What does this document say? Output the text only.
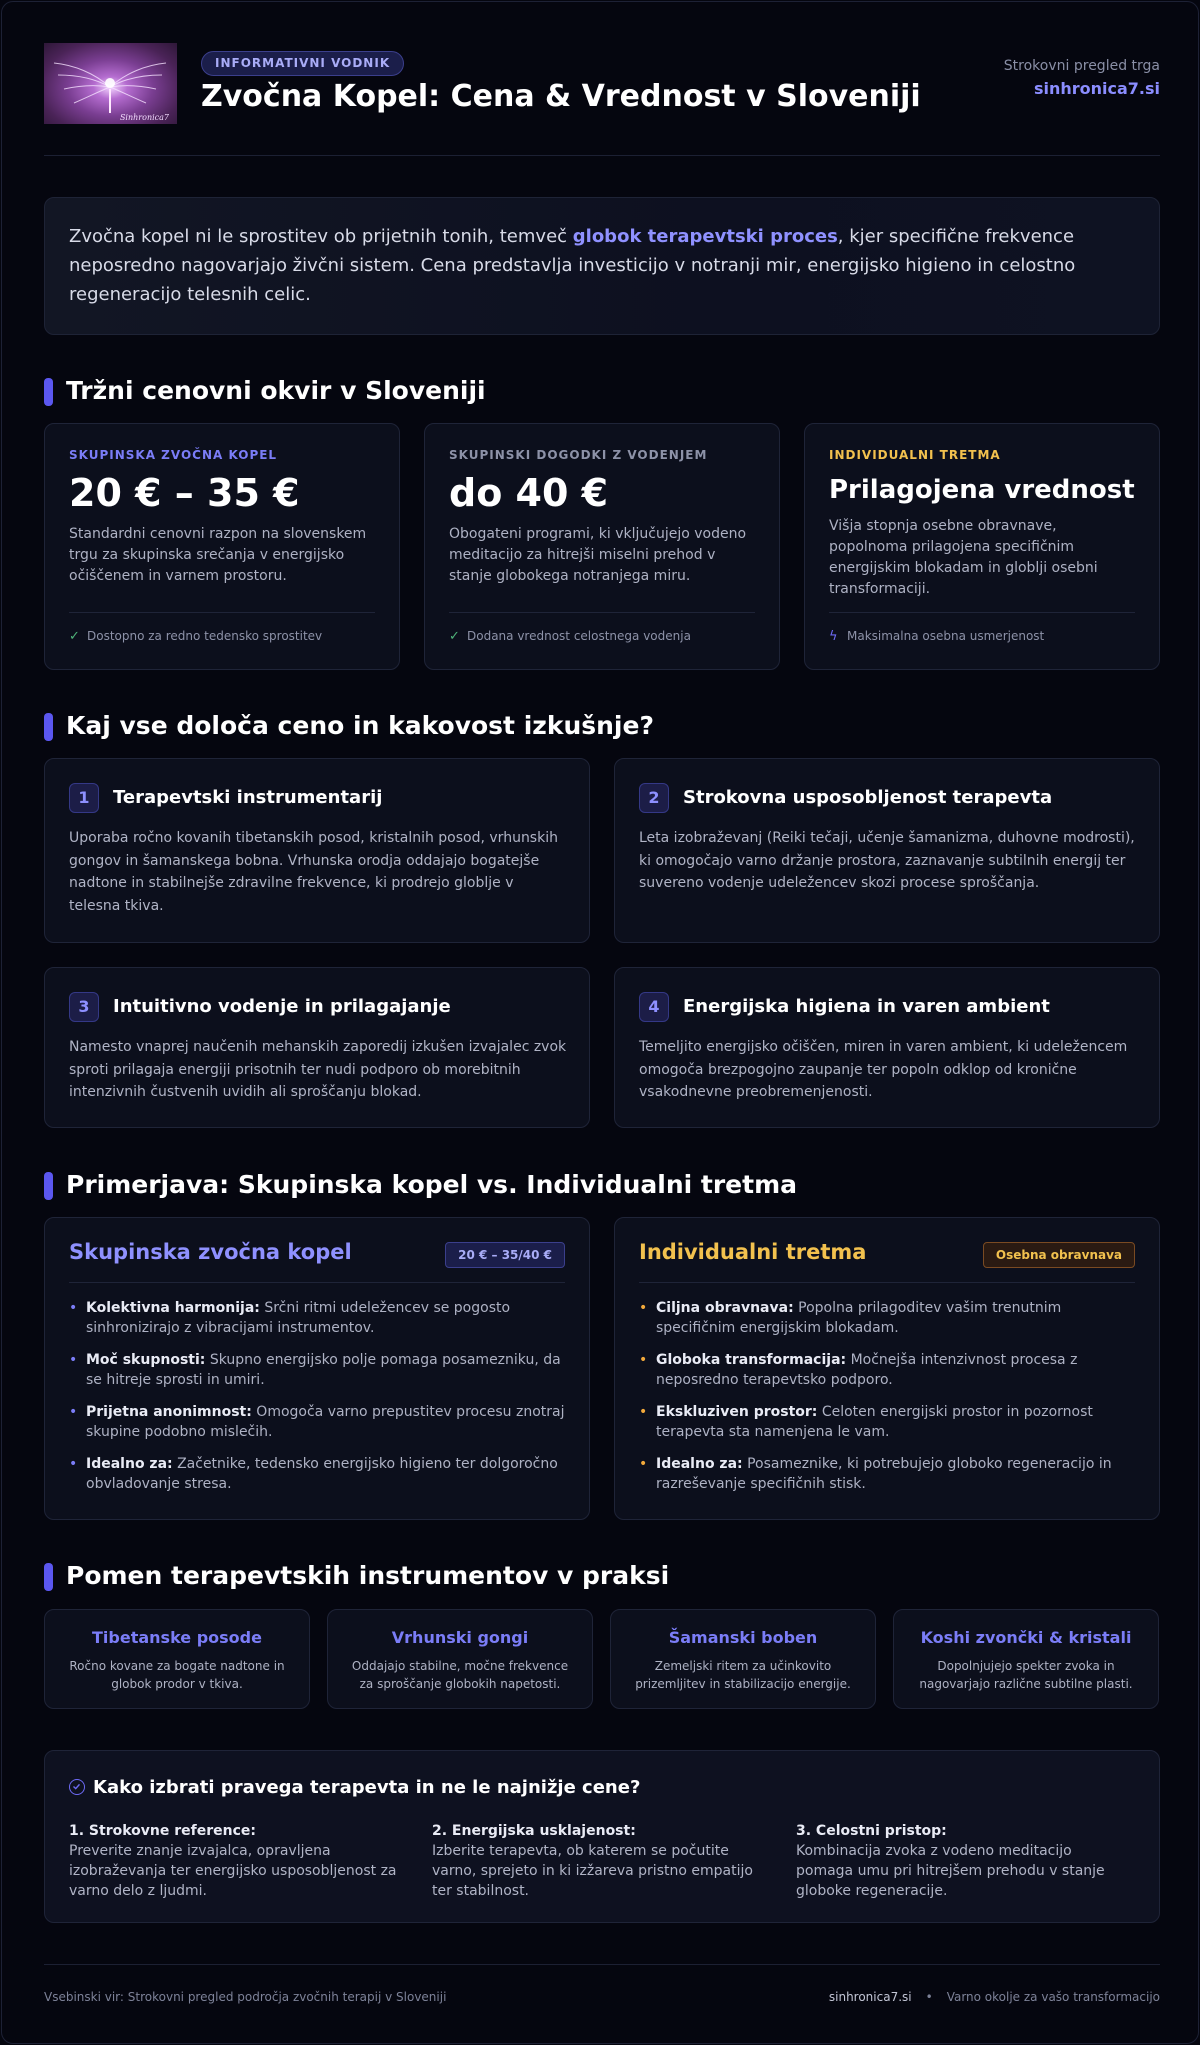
Sinhronica7
INFORMATIVNI VODNIK
Zvočna Kopel: Cena & Vrednost v Sloveniji
Strokovni pregled trga
sinhronica7.si
Zvočna kopel ni le sprostitev ob prijetnih tonih, temveč globok terapevtski proces, kjer specifične frekvence neposredno nagovarjajo živčni sistem. Cena predstavlja investicijo v notranji mir, energijsko higieno in celostno regeneracijo telesnih celic.
Tržni cenovni okvir v Sloveniji
SKUPINSKA ZVOČNA KOPEL
20 € – 35 €
Standardni cenovni razpon na slovenskem trgu za skupinska srečanja v energijsko očiščenem in varnem prostoru.
✓ Dostopno za redno tedensko sprostitev
SKUPINSKI DOGODKI Z VODENJEM
do 40 €
Obogateni programi, ki vključujejo vodeno meditacijo za hitrejši miselni prehod v stanje globokega notranjega miru.
✓ Dodana vrednost celostnega vodenja
INDIVIDUALNI TRETMA
Prilagojena vrednost
Višja stopnja osebne obravnave, popolnoma prilagojena specifičnim energijskim blokadam in globlji osebni transformaciji.
ϟ Maksimalna osebna usmerjenost
Kaj vse določa ceno in kakovost izkušnje?
1	Terapevtski instrumentarij
Uporaba ročno kovanih tibetanskih posod, kristalnih posod, vrhunskih gongov in šamanskega bobna. Vrhunska orodja oddajajo bogatejše nadtone in stabilnejše zdravilne frekvence, ki prodrejo globlje v telesna tkiva.
2	Strokovna usposobljenost terapevta
Leta izobraževanj (Reiki tečaji, učenje šamanizma, duhovne modrosti), ki omogočajo varno držanje prostora, zaznavanje subtilnih energij ter suvereno vodenje udeležencev skozi procese sproščanja.
3	Intuitivno vodenje in prilagajanje
Namesto vnaprej naučenih mehanskih zaporedij izkušen izvajalec zvok sproti prilagaja energiji prisotnih ter nudi podporo ob morebitnih intenzivnih čustvenih uvidih ali sproščanju blokad.
4	Energijska higiena in varen ambient
Temeljito energijsko očiščen, miren in varen ambient, ki udeležencem omogoča brezpogojno zaupanje ter popoln odklop od kronične vsakodnevne preobremenjenosti.
Primerjava: Skupinska kopel vs. Individualni tretma
Skupinska zvočna kopel	20 € – 35/40 €
• Kolektivna harmonija: Srčni ritmi udeležencev se pogosto sinhronizirajo z vibracijami instrumentov.
• Moč skupnosti: Skupno energijsko polje pomaga posamezniku, da se hitreje sprosti in umiri.
• Prijetna anonimnost: Omogoča varno prepustitev procesu znotraj skupine podobno mislečih.
• Idealno za: Začetnike, tedensko energijsko higieno ter dolgoročno obvladovanje stresa.
Individualni tretma	Osebna obravnava
• Ciljna obravnava: Popolna prilagoditev vašim trenutnim specifičnim energijskim blokadam.
• Globoka transformacija: Močnejša intenzivnost procesa z neposredno terapevtsko podporo.
• Ekskluziven prostor: Celoten energijski prostor in pozornost terapevta sta namenjena le vam.
• Idealno za: Posameznike, ki potrebujejo globoko regeneracijo in razreševanje specifičnih stisk.
Pomen terapevtskih instrumentov v praksi
Tibetanske posode
Ročno kovane za bogate nadtone in globok prodor v tkiva.
Vrhunski gongi
Oddajajo stabilne, močne frekvence za sproščanje globokih napetosti.
Šamanski boben
Zemeljski ritem za učinkovito prizemljitev in stabilizacijo energije.
Koshi zvončki & kristali
Dopolnjujejo spekter zvoka in nagovarjajo različne subtilne plasti.
Kako izbrati pravega terapevta in ne le najnižje cene?
1. Strokovne reference:
Preverite znanje izvajalca, opravljena izobraževanja ter energijsko usposobljenost za varno delo z ljudmi.
2. Energijska usklajenost:
Izberite terapevta, ob katerem se počutite varno, sprejeto in ki izžareva pristno empatijo ter stabilnost.
3. Celostni pristop:
Kombinacija zvoka z vodeno meditacijo pomaga umu pri hitrejšem prehodu v stanje globoke regeneracije.
Vsebinski vir: Strokovni pregled področja zvočnih terapij v Sloveniji	sinhronica7.si • Varno okolje za vašo transformacijo
